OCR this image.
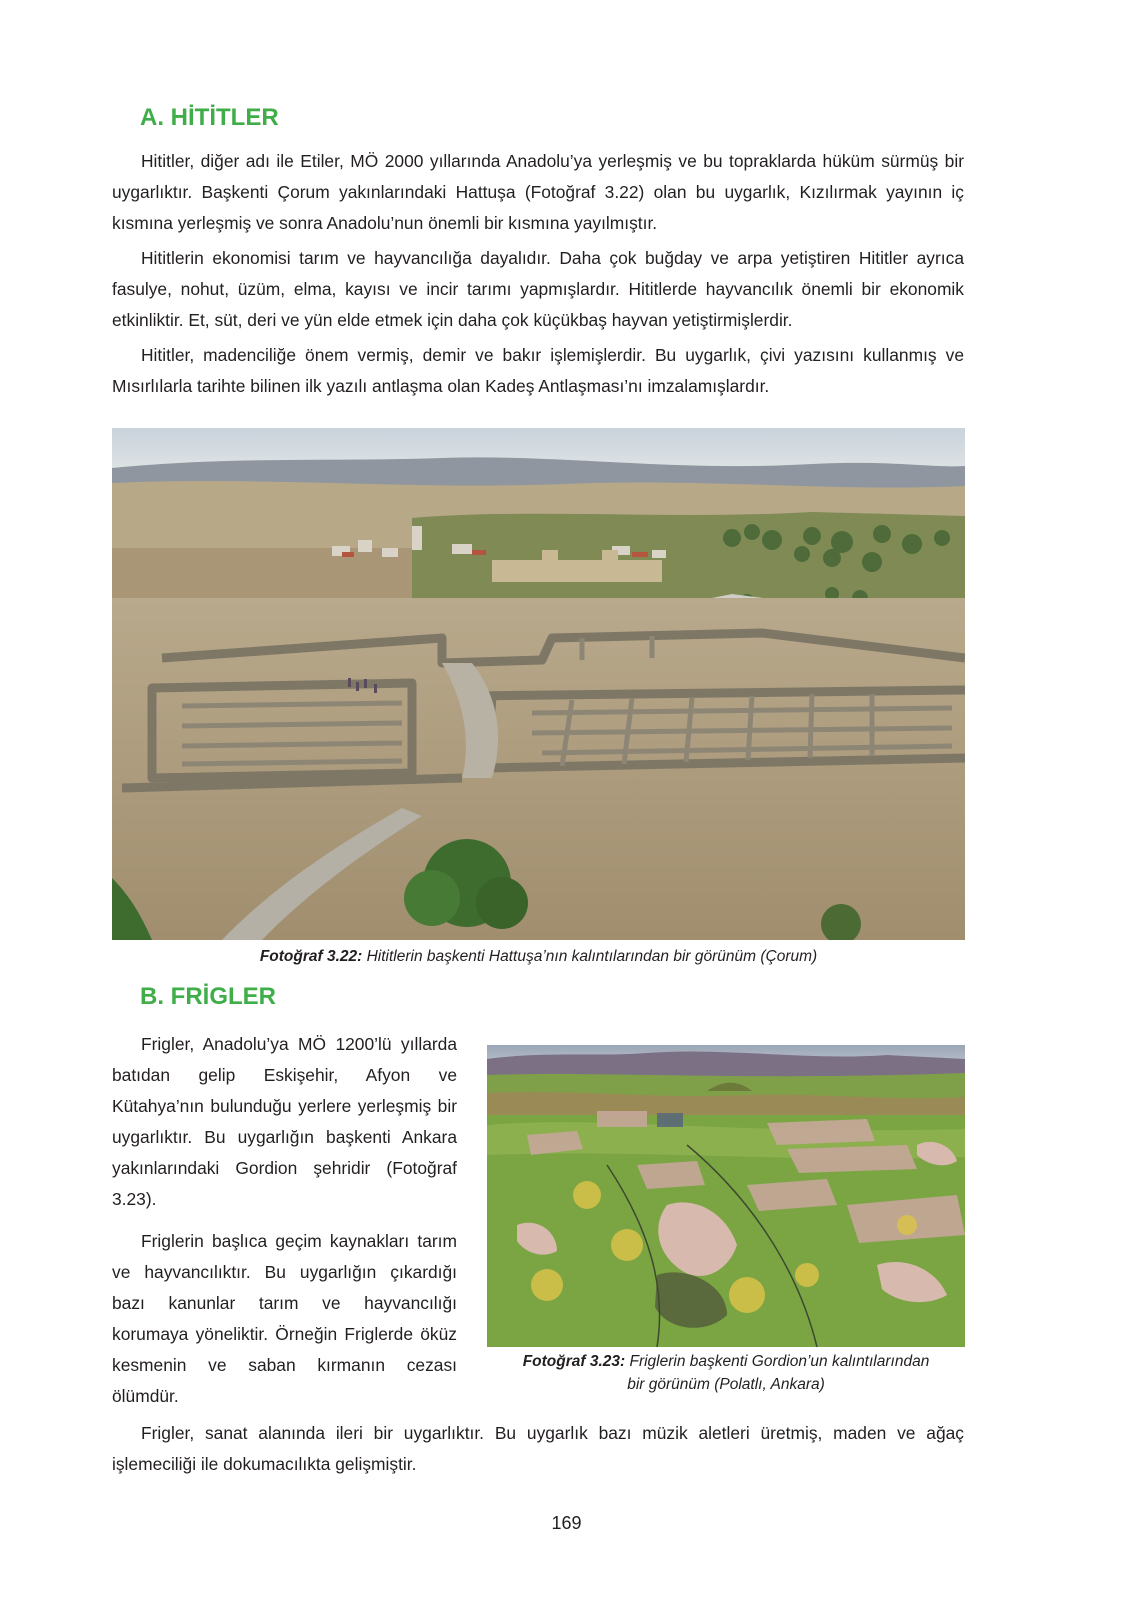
A. HİTİTLER

Hititler, diğer adı ile Etiler, MÖ 2000 yıllarında Anadolu’ya yerleşmiş ve bu topraklarda hüküm sürmüş bir uygarlıktır. Başkenti Çorum yakınlarındaki Hattuşa (Fotoğraf 3.22) olan bu uygarlık, Kızılırmak yayının iç kısmına yerleşmiş ve sonra Anadolu’nun önemli bir kısmına yayılmıştır.

Hititlerin ekonomisi tarım ve hayvancılığa dayalıdır. Daha çok buğday ve arpa yetiştiren Hititler ayrıca fasulye, nohut, üzüm, elma, kayısı ve incir tarımı yapmışlardır. Hititlerde hayvancılık önemli bir ekonomik etkinliktir. Et, süt, deri ve yün elde etmek için daha çok küçükbaş hayvan yetiştirmişlerdir.

Hititler, madenciliğe önem vermiş, demir ve bakır işlemişlerdir. Bu uygarlık, çivi yazısını kullanmış ve Mısırlılarla tarihte bilinen ilk yazılı antlaşma olan Kadeş Antlaşması’nı imzalamışlardır.

Fotoğraf 3.22: Hititlerin başkenti Hattuşa’nın kalıntılarından bir görünüm (Çorum)

B. FRİGLER

Frigler, Anadolu’ya MÖ 1200’lü yıllarda batıdan gelip Eskişehir, Afyon ve Kütahya’nın bulunduğu yerlere yerleşmiş bir uygarlıktır. Bu uygarlığın başkenti Ankara yakınlarındaki Gordion şehridir (Fotoğraf 3.23).

Friglerin başlıca geçim kaynakları tarım ve hayvancılıktır. Bu uygarlığın çıkardığı bazı kanunlar tarım ve hayvancılığı korumaya yöneliktir. Örneğin Friglerde öküz kesmenin ve saban kırmanın cezası ölümdür.

Fotoğraf 3.23: Friglerin başkenti Gordion’un kalıntılarından
bir görünüm (Polatlı, Ankara)

Frigler, sanat alanında ileri bir uygarlıktır. Bu uygarlık bazı müzik aletleri üretmiş, maden ve ağaç işlemeciliği ile dokumacılıkta gelişmiştir.

169
